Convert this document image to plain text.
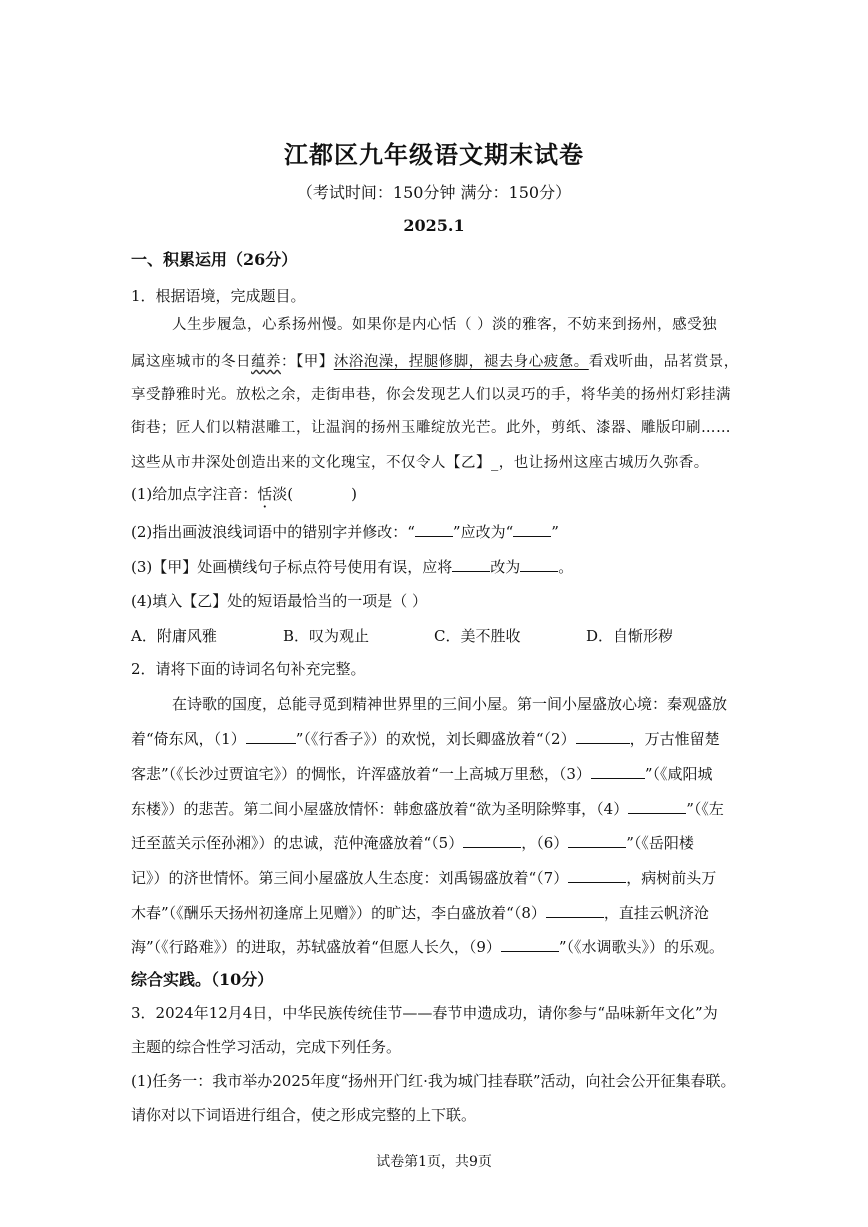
江都区九年级语文期末试卷
（考试时间：150分钟 满分：150分）
2025.1
一、积累运用（26分）
1．根据语境，完成题目。
人生步履急，心系扬州慢。如果你是内心恬（ ）淡的雅客，不妨来到扬州，感受独
属这座城市的冬日蕴养：【甲】沐浴泡澡，捏腿修脚，褪去身心疲惫。看戏听曲，品茗赏景，
享受静雅时光。放松之余，走街串巷，你会发现艺人们以灵巧的手，将华美的扬州灯彩挂满
街巷；匠人们以精湛雕工，让温润的扬州玉雕绽放光芒。此外，剪纸、漆器、雕版印刷……
这些从市井深处创造出来的文化瑰宝，不仅令人【乙】_，也让扬州这座古城历久弥香。
(1)给加点字注音：恬淡(	)
(2)指出画波浪线词语中的错别字并修改：“	”应改为“	”
(3)【甲】处画横线句子标点符号使用有误，应将	改为	。
(4)填入【乙】处的短语最恰当的一项是（ ）
A．附庸风雅	B．叹为观止	C．美不胜收	D．自惭形秽
2．请将下面的诗词名句补充完整。
在诗歌的国度，总能寻觅到精神世界里的三间小屋。第一间小屋盛放心境：秦观盛放
着“倚东风，（1）	”（《行香子》）的欢悦，刘长卿盛放着“（2）	，万古惟留楚
客悲”（《长沙过贾谊宅》）的惆怅，许浑盛放着“一上高城万里愁，（3）	”（《咸阳城
东楼》）的悲苦。第二间小屋盛放情怀：韩愈盛放着“欲为圣明除弊事，（4）	”（《左
迁至蓝关示侄孙湘》）的忠诚，范仲淹盛放着“（5）	，（6）	”（《岳阳楼
记》）的济世情怀。第三间小屋盛放人生态度：刘禹锡盛放着“（7）	，病树前头万
木春”（《酬乐天扬州初逢席上见赠》）的旷达，李白盛放着“（8）	，直挂云帆济沧
海”（《行路难》）的进取，苏轼盛放着“但愿人长久，（9）	”（《水调歌头》）的乐观。
综合实践。（10分）
3．2024年12月4日，中华民族传统佳节——春节申遗成功，请你参与“品味新年文化”为
主题的综合性学习活动，完成下列任务。
(1)任务一：我市举办2025年度“扬州开门红·我为城门挂春联”活动，向社会公开征集春联。
请你对以下词语进行组合，使之形成完整的上下联。
试卷第1页，共9页
